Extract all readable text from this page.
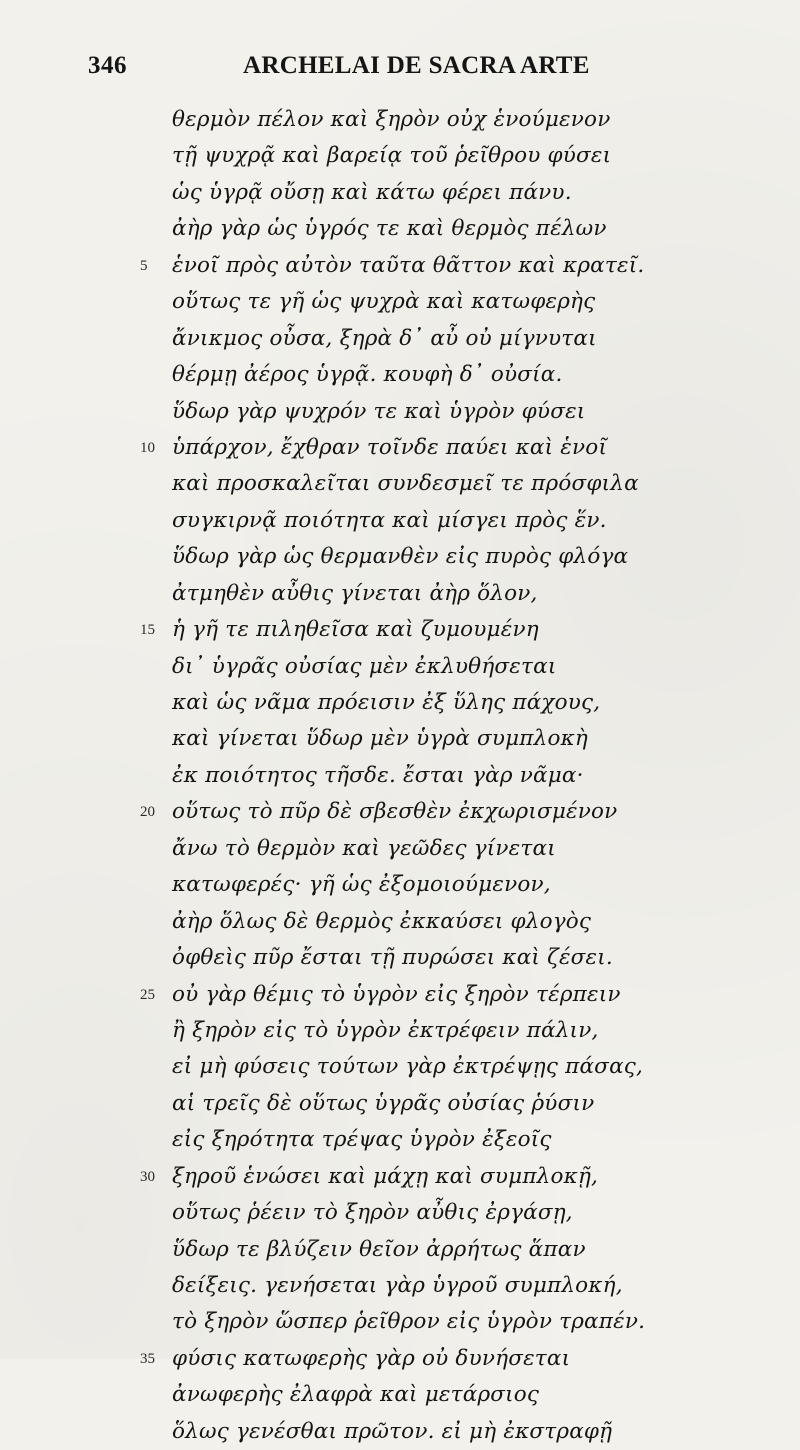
346	ARCHELAI DE SACRA ARTE
θερμὸν πέλον καὶ ξηρὸν οὐχ ἑνούμενον
τῇ ψυχρᾷ καὶ βαρείᾳ τοῦ ῥεῖθρου φύσει
ὡς ὑγρᾷ οὔσῃ καὶ κάτω φέρει πάνυ.
ἀὴρ γὰρ ὡς ὑγρός τε καὶ θερμὸς πέλων
5	ἑνοῖ πρὸς αὐτὸν ταῦτα θᾶττον καὶ κρατεῖ.
οὕτως τε γῆ ὡς ψυχρὰ καὶ κατωφερὴς
ἄνικμος οὖσα, ξηρὰ δ᾿ αὖ οὐ μίγνυται
θέρμῃ ἀέρος ὑγρᾷ. κουφὴ δ᾿ οὐσία.
ὕδωρ γὰρ ψυχρόν τε καὶ ὑγρὸν φύσει
10 ὑπάρχον, ἔχθραν τοῖνδε παύει καὶ ἑνοῖ
καὶ προσκαλεῖται συνδεσμεῖ τε πρόσφιλα
συγκιρνᾷ ποιότητα καὶ μίσγει πρὸς ἕν.
ὕδωρ γὰρ ὡς θερμανθὲν εἰς πυρὸς φλόγα
ἀτμηθὲν αὖθις γίνεται ἀὴρ ὅλον,
15 ἡ γῆ τε πιληθεῖσα καὶ ζυμουμένη
δι᾿ ὑγρᾶς οὐσίας μὲν ἐκλυθήσεται
καὶ ὡς νᾶμα πρόεισιν ἐξ ὕλης πάχους,
καὶ γίνεται ὕδωρ μὲν ὑγρὰ συμπλοκὴ
ἐκ ποιότητος τῆσδε. ἔσται γὰρ νᾶμα·
20 οὕτως τὸ πῦρ δὲ σβεσθὲν ἐκχωρισμένον
ἄνω τὸ θερμὸν καὶ γεῶδες γίνεται
κατωφερές· γῆ ὡς ἐξομοιούμενον,
ἀὴρ ὅλως δὲ θερμὸς ἐκκαύσει φλογὸς
ὀφθεὶς πῦρ ἔσται τῇ πυρώσει καὶ ζέσει.
25 οὐ γὰρ θέμις τὸ ὑγρὸν εἰς ξηρὸν τέρπειν
ἢ ξηρὸν εἰς τὸ ὑγρὸν ἐκτρέφειν πάλιν,
εἰ μὴ φύσεις τούτων γὰρ ἐκτρέψῃς πάσας,
αἱ τρεῖς δὲ οὕτως ὑγρᾶς οὐσίας ῥύσιν
εἰς ξηρότητα τρέψας ὑγρὸν ἐξεοῖς
30 ξηροῦ ἑνώσει καὶ μάχῃ καὶ συμπλοκῇ,
οὕτως ῥέειν τὸ ξηρὸν αὖθις ἐργάσῃ,
ὕδωρ τε βλύζειν θεῖον ἀρρήτως ἅπαν
δείξεις. γενήσεται γὰρ ὑγροῦ συμπλοκή,
τὸ ξηρὸν ὥσπερ ῥεῖθρον εἰς ὑγρὸν τραπέν.
35 φύσις κατωφερὴς γὰρ οὐ δυνήσεται
ἀνωφερὴς ἐλαφρὰ καὶ μετάρσιος
ὅλως γενέσθαι πρῶτον. εἰ μὴ ἐκστραφῇ
